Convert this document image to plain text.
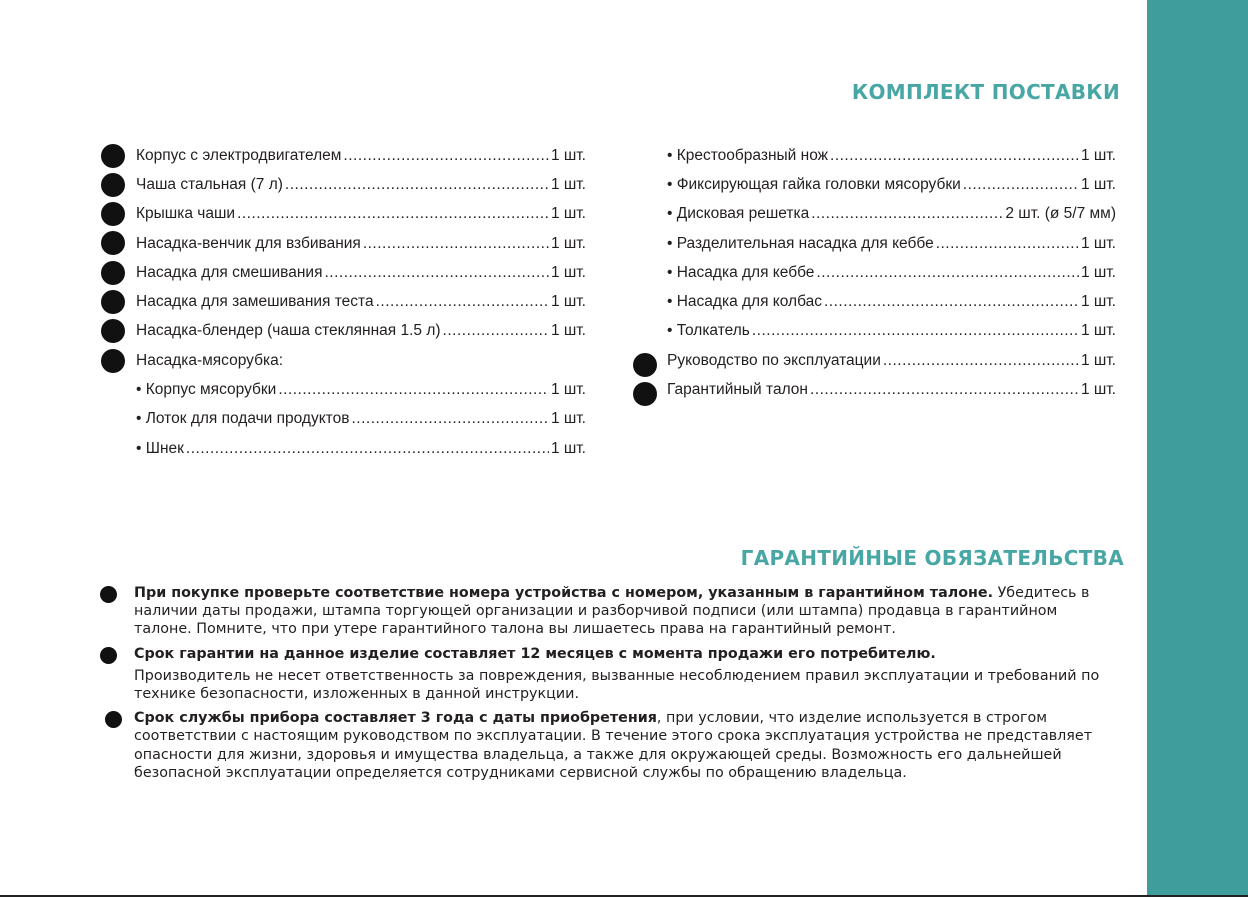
КОМПЛЕКТ ПОСТАВКИ
Корпус с электродвигателем .....	1 шт.
Чаша стальная (7 л) .....	1 шт.
Крышка чаши .....	1 шт.
Насадка-венчик для взбивания .....	1 шт.
Насадка для смешивания .....	1 шт.
Насадка для замешивания теста .....	1 шт.
Насадка-блендер (чаша стеклянная 1.5 л) .....	1 шт.
Насадка-мясорубка:
• Корпус мясорубки .....	1 шт.
• Лоток для подачи продуктов .....	1 шт.
• Шнек .....	1 шт.
• Крестообразный нож .....	1 шт.
• Фиксирующая гайка головки мясорубки .....	1 шт.
• Дисковая решетка .....	2 шт. (ø 5/7 мм)
• Разделительная насадка для кеббе .....	1 шт.
• Насадка для кеббе .....	1 шт.
• Насадка для колбас .....	1 шт.
• Толкатель .....	1 шт.
Руководство по эксплуатации .....	1 шт.
Гарантийный талон .....	1 шт.
ГАРАНТИЙНЫЕ ОБЯЗАТЕЛЬСТВА

При покупке проверьте соответствие номера устройства с номером, указанным в гарантийном талоне. Убедитесь в наличии даты продажи, штампа торгующей организации и разборчивой подписи (или штампа) продавца в гарантийном талоне. Помните, что при утере гарантийного талона вы лишаетесь права на гарантийный ремонт.

Срок гарантии на данное изделие составляет 12 месяцев с момента продажи его потребителю.

Производитель не несет ответственность за повреждения, вызванные несоблюдением правил эксплуатации и требований по технике безопасности, изложенных в данной инструкции.

Срок службы прибора составляет 3 года с даты приобретения, при условии, что изделие используется в строгом соответствии с настоящим руководством по эксплуатации. В течение этого срока эксплуатация устройства не представляет опасности для жизни, здоровья и имущества владельца, а также для окружающей среды. Возможность его дальнейшей безопасной эксплуатации определяется сотрудниками сервисной службы по обращению владельца.
